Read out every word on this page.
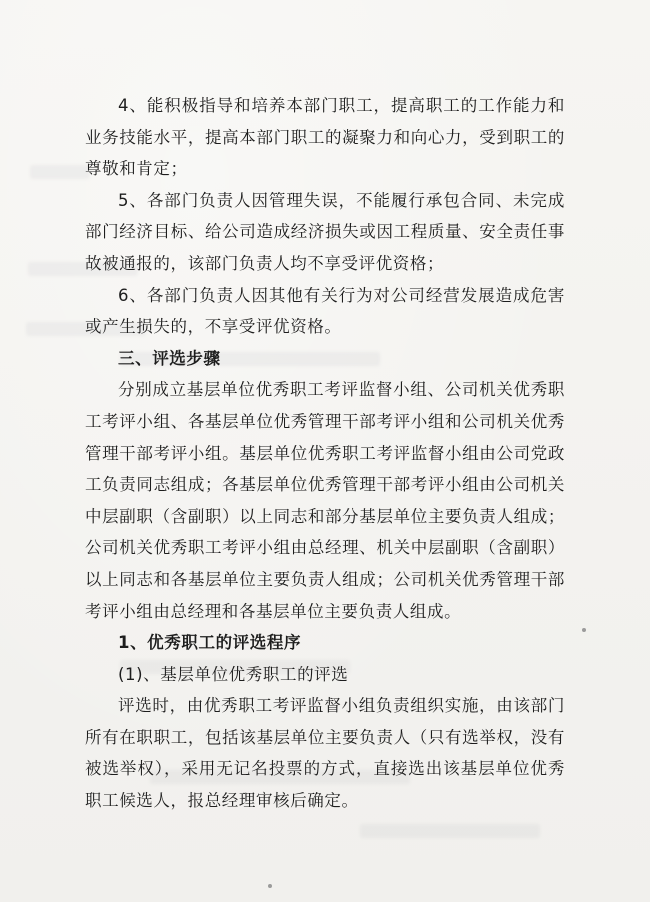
4、能积极指导和培养本部门职工，提高职工的工作能力和业务技能水平，提高本部门职工的凝聚力和向心力，受到职工的尊敬和肯定；

5、各部门负责人因管理失误，不能履行承包合同、未完成部门经济目标、给公司造成经济损失或因工程质量、安全责任事故被通报的，该部门负责人均不享受评优资格；

6、各部门负责人因其他有关行为对公司经营发展造成危害或产生损失的，不享受评优资格。

三、评选步骤

分别成立基层单位优秀职工考评监督小组、公司机关优秀职工考评小组、各基层单位优秀管理干部考评小组和公司机关优秀管理干部考评小组。基层单位优秀职工考评监督小组由公司党政工负责同志组成；各基层单位优秀管理干部考评小组由公司机关中层副职（含副职）以上同志和部分基层单位主要负责人组成；公司机关优秀职工考评小组由总经理、机关中层副职（含副职）以上同志和各基层单位主要负责人组成；公司机关优秀管理干部考评小组由总经理和各基层单位主要负责人组成。

1、优秀职工的评选程序

(1)、基层单位优秀职工的评选

评选时，由优秀职工考评监督小组负责组织实施，由该部门所有在职职工，包括该基层单位主要负责人（只有选举权，没有被选举权），采用无记名投票的方式，直接选出该基层单位优秀职工候选人，报总经理审核后确定。
